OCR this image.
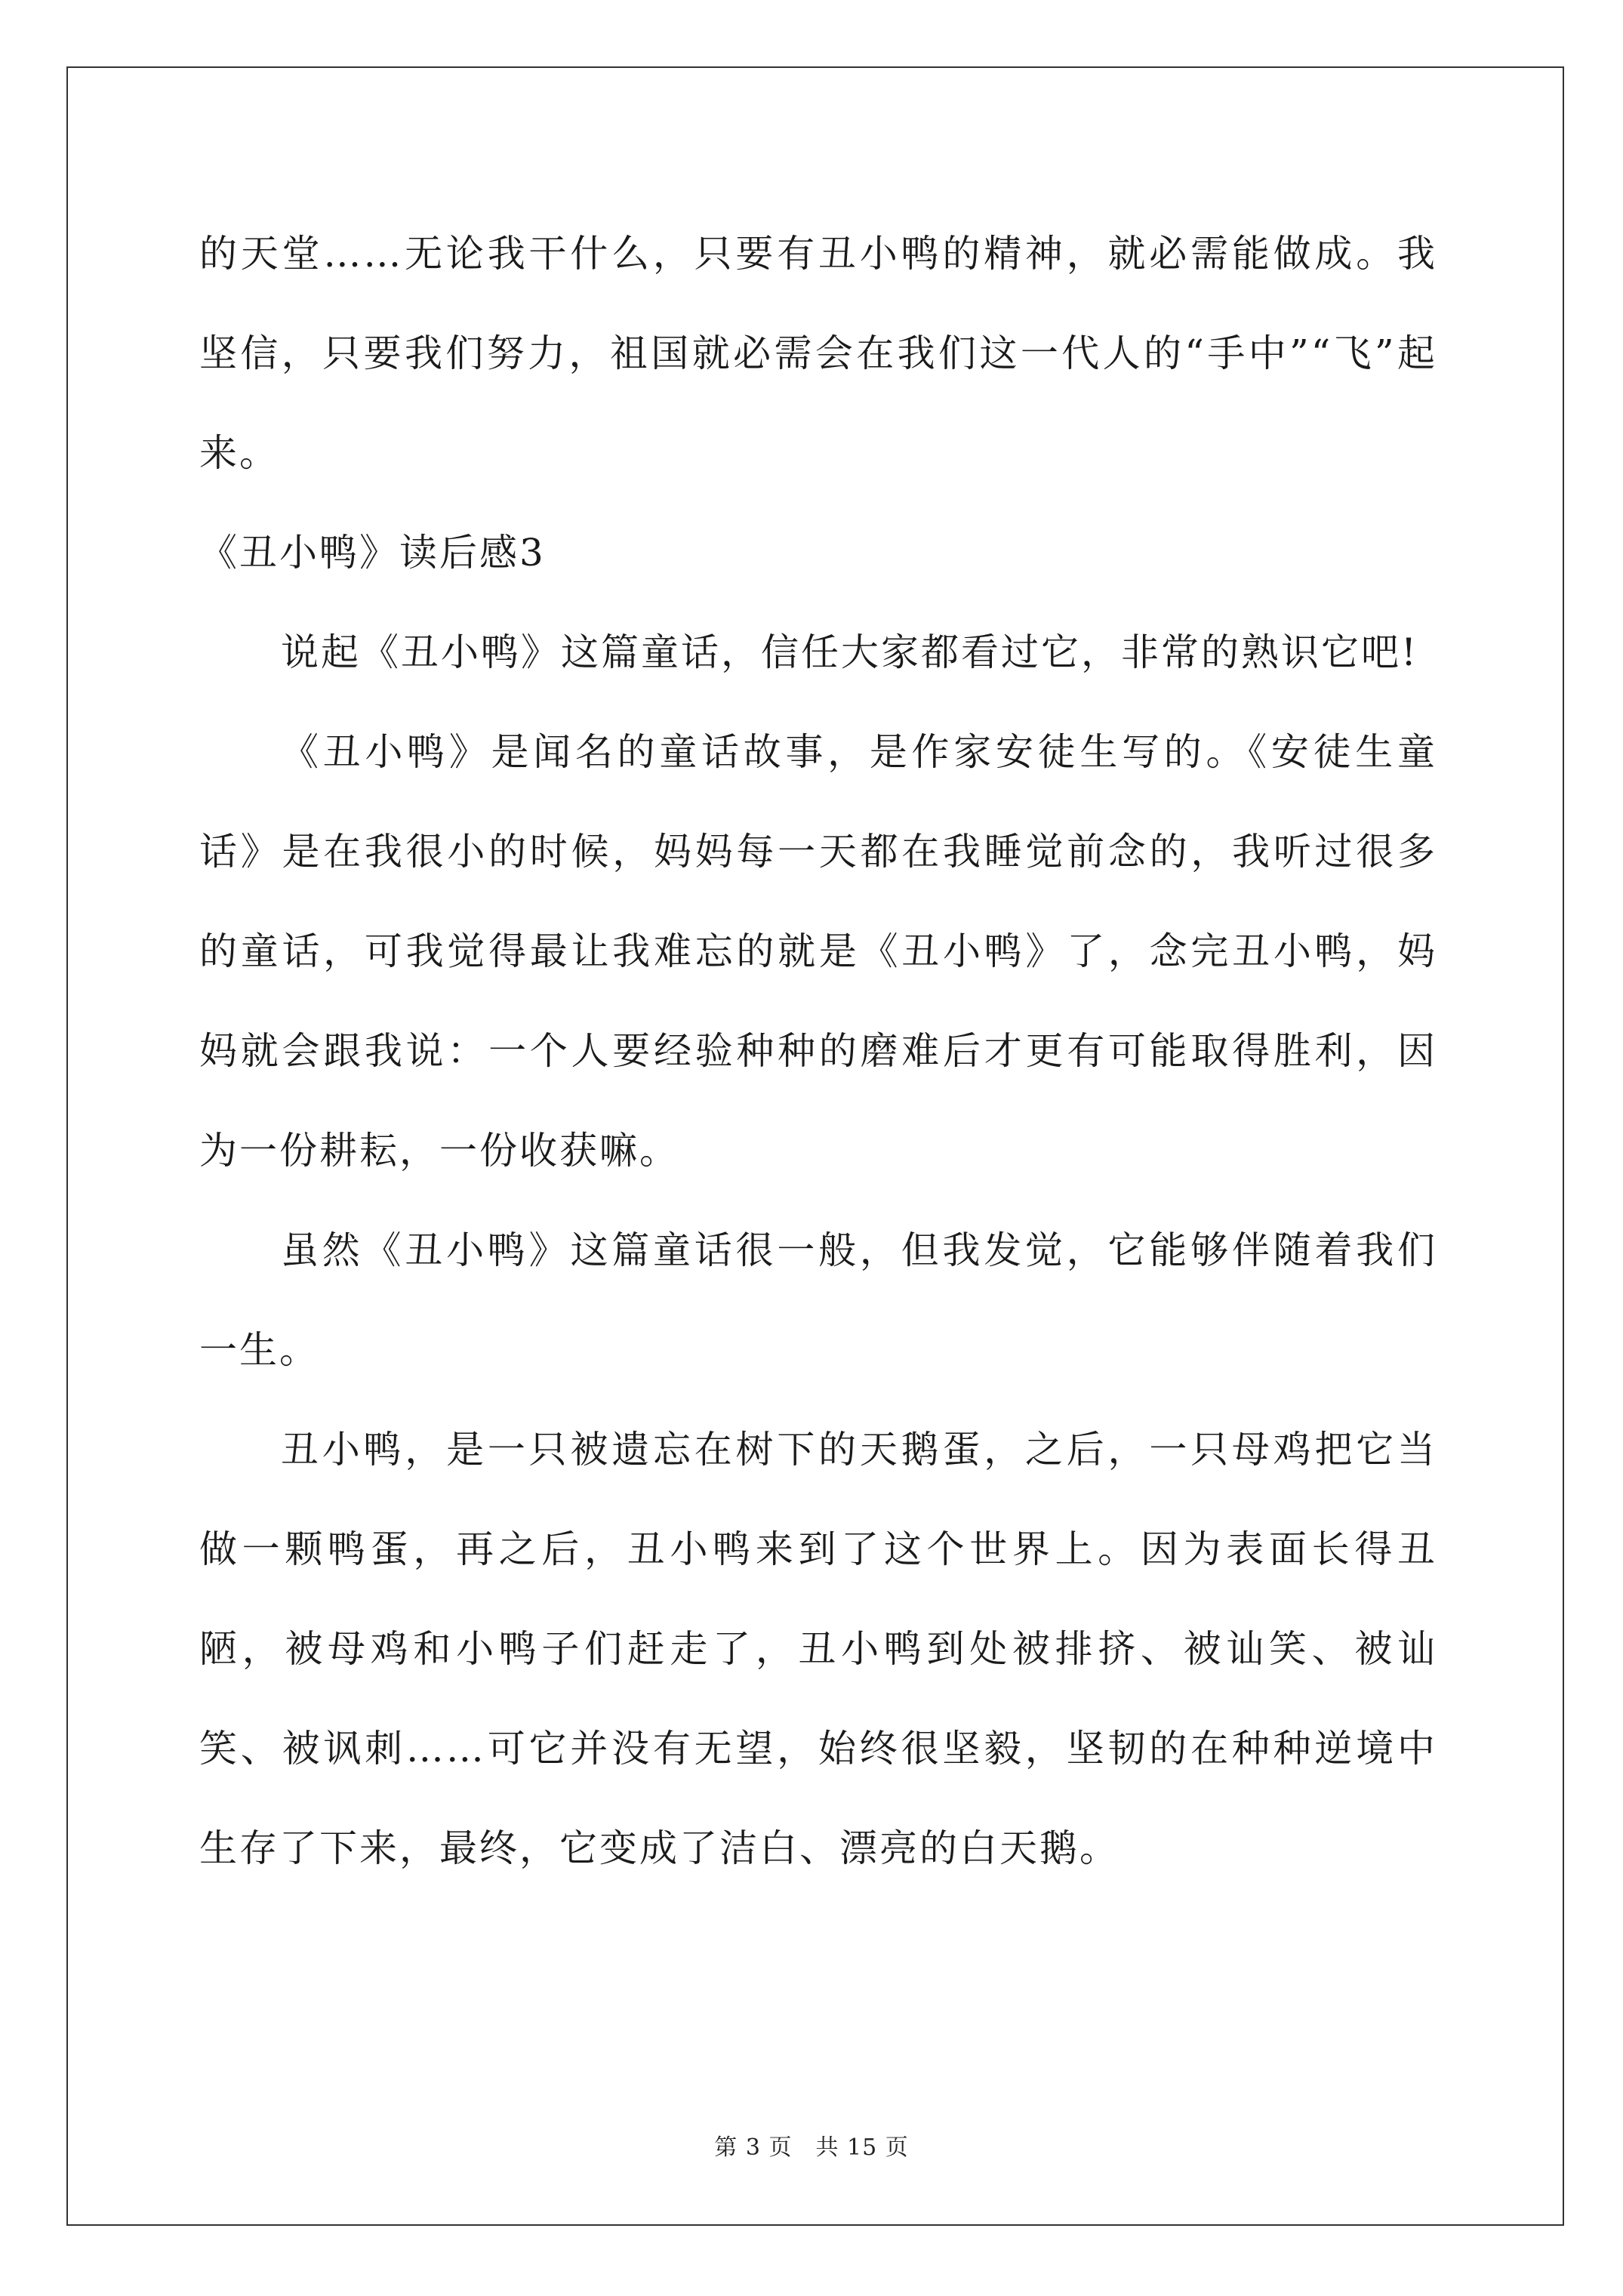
的天堂……无论我干什么，只要有丑小鸭的精神，就必需能做成。我坚信，只要我们努力，祖国就必需会在我们这一代人的“手中”“飞”起来。

《丑小鸭》读后感3

说起《丑小鸭》这篇童话，信任大家都看过它，非常的熟识它吧!

《丑小鸭》是闻名的童话故事，是作家安徒生写的。《安徒生童话》是在我很小的时候，妈妈每一天都在我睡觉前念的，我听过很多的童话，可我觉得最让我难忘的就是《丑小鸭》了，念完丑小鸭，妈妈就会跟我说：一个人要经验种种的磨难后才更有可能取得胜利，因为一份耕耘，一份收获嘛。

虽然《丑小鸭》这篇童话很一般，但我发觉，它能够伴随着我们一生。

丑小鸭，是一只被遗忘在树下的天鹅蛋，之后，一只母鸡把它当做一颗鸭蛋，再之后，丑小鸭来到了这个世界上。因为表面长得丑陋，被母鸡和小鸭子们赶走了，丑小鸭到处被排挤、被讪笑、被讪笑、被讽刺……可它并没有无望，始终很坚毅，坚韧的在种种逆境中生存了下来，最终，它变成了洁白、漂亮的白天鹅。

第 3 页　共 15 页
